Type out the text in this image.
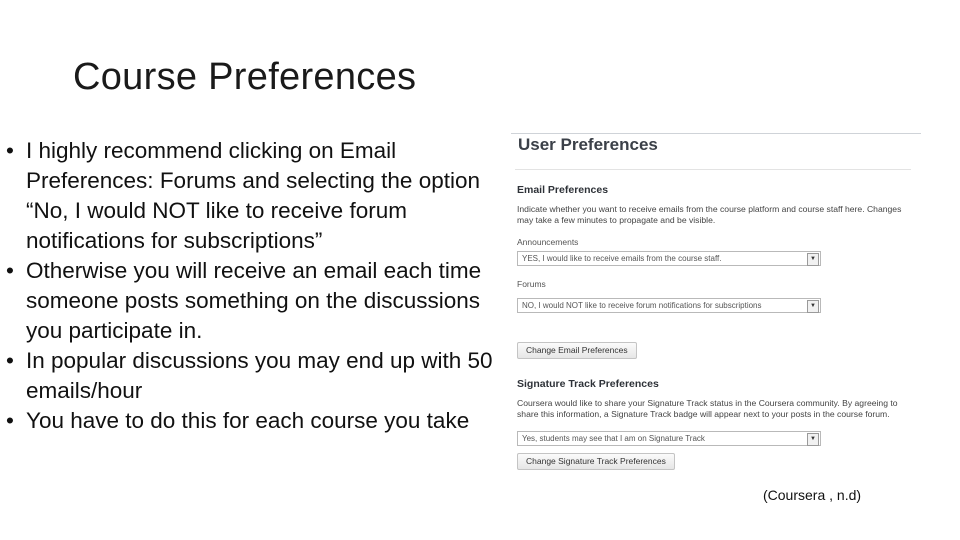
Course Preferences
• I highly recommend clicking on Email Preferences: Forums and selecting the option “No, I would NOT like to receive forum notifications for subscriptions”
• Otherwise you will receive an email each time someone posts something on the discussions you participate in.
• In popular discussions you may end up with 50 emails/hour
• You have to do this for each course you take
User Preferences
Email Preferences
Indicate whether you want to receive emails from the course platform and course staff here. Changes may take a few minutes to propagate and be visible.
Announcements
YES, I would like to receive emails from the course staff.	▼
Forums
NO, I would NOT like to receive forum notifications for subscriptions	▼
Change Email Preferences
Signature Track Preferences
Coursera would like to share your Signature Track status in the Coursera community. By agreeing to share this information, a Signature Track badge will appear next to your posts in the course forum.
Yes, students may see that I am on Signature Track	▼
Change Signature Track Preferences
(Coursera , n.d)
